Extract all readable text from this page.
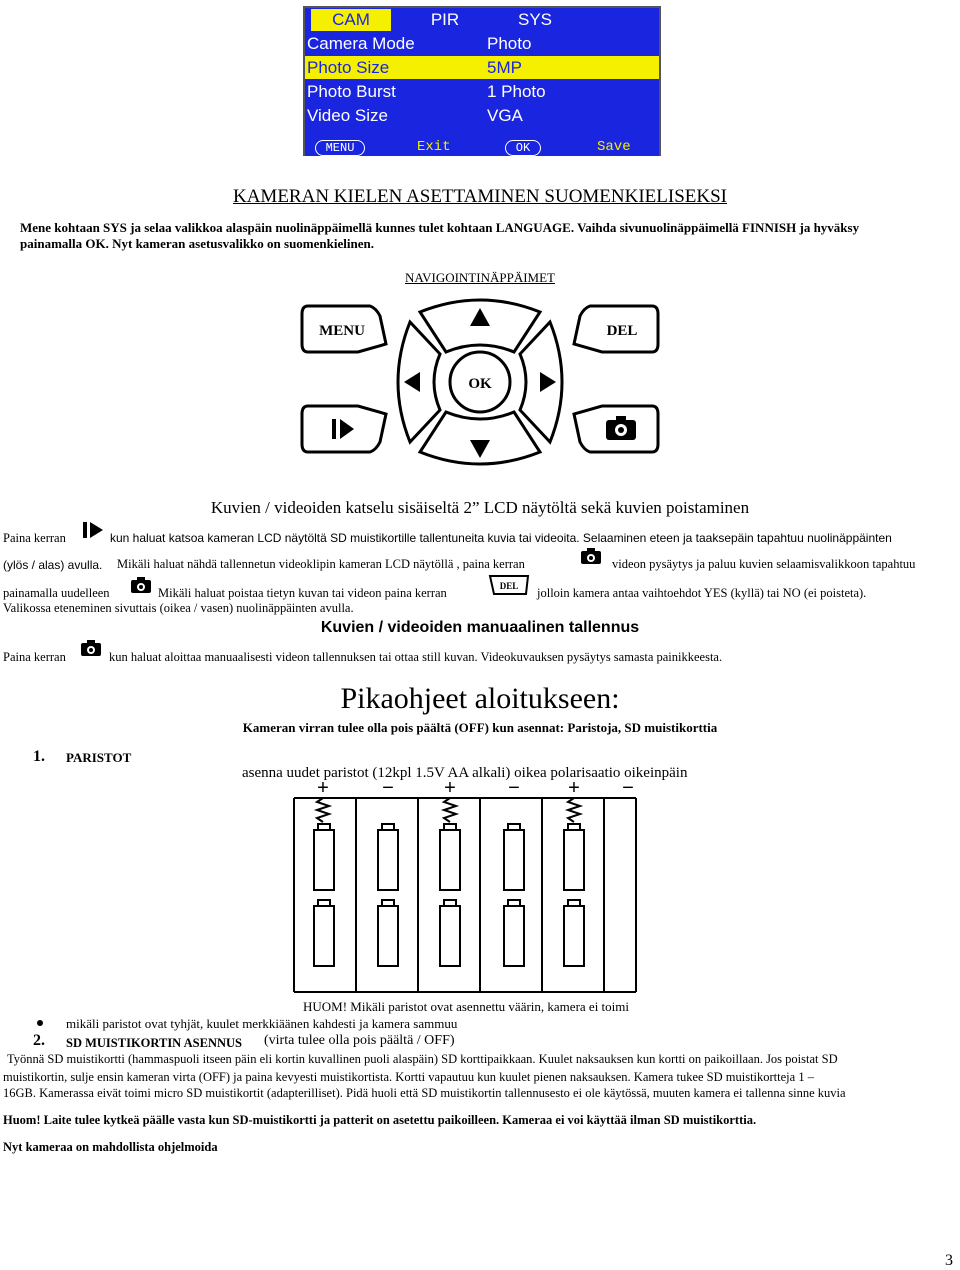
CAM	PIR	SYS
Camera Mode	Photo
Photo Size	5MP
Photo Burst	1 Photo
Video Size	VGA
MENU	Exit	OK	Save
KAMERAN KIELEN ASETTAMINEN SUOMENKIELISEKSI
Mene kohtaan SYS ja selaa valikkoa alaspäin nuolinäppäimellä kunnes tulet kohtaan LANGUAGE. Vaihda sivunuolinäppäimellä FINNISH ja hyväksy
painamalla OK. Nyt kameran asetusvalikko on suomenkielinen.
NAVIGOINTINÄPPÄIMET
MENU	DEL
OK
Kuvien / videoiden katselu sisäiseltä 2” LCD näytöltä sekä kuvien poistaminen
Paina kerran	kun haluat katsoa kameran LCD näytöltä SD muistikortille tallentuneita kuvia tai videoita. Selaaminen eteen ja taaksepäin tapahtuu nuolinäppäinten
(ylös / alas) avulla. Mikäli haluat nähdä tallennetun videoklipin kameran LCD näytöllä , paina kerran	videon pysäytys ja paluu kuvien selaamisvalikkoon tapahtuu
painamalla uudelleen	Mikäli haluat poistaa tietyn kuvan tai videon paina kerran	DEL jolloin kamera antaa vaihtoehdot YES (kyllä) tai NO (ei poisteta).
Valikossa eteneminen sivuttais (oikea / vasen) nuolinäppäinten avulla.
Kuvien / videoiden manuaalinen tallennus
Paina kerran	kun haluat aloittaa manuaalisesti videon tallennuksen tai ottaa still kuvan. Videokuvauksen pysäytys samasta painikkeesta.
Pikaohjeet aloitukseen:
Kameran virran tulee olla pois päältä (OFF) kun asennat: Paristoja, SD muistikorttia
1. PARISTOT
asenna uudet paristot (12kpl 1.5V AA alkali) oikea polarisaatio oikeinpäin
+	−	+	− + −
HUOM! Mikäli paristot ovat asennettu väärin, kamera ei toimi
mikäli paristot ovat tyhjät, kuulet merkkiäänen kahdesti ja kamera sammuu
2. SD MUISTIKORTIN ASENNUS (virta tulee olla pois päältä / OFF)
Työnnä SD muistikortti (hammaspuoli itseen päin eli kortin kuvallinen puoli alaspäin) SD korttipaikkaan. Kuulet naksauksen kun kortti on paikoillaan. Jos poistat SD
muistikortin, sulje ensin kameran virta (OFF) ja paina kevyesti muistikortista. Kortti vapautuu kun kuulet pienen naksauksen. Kamera tukee SD muistikortteja 1 –
16GB. Kamerassa eivät toimi micro SD muistikortit (adapterilliset). Pidä huoli että SD muistikortin tallennusesto ei ole käytössä, muuten kamera ei tallenna sinne kuvia
Huom! Laite tulee kytkeä päälle vasta kun SD-muistikortti ja patterit on asetettu paikoilleen. Kameraa ei voi käyttää ilman SD muistikorttia.
Nyt kameraa on mahdollista ohjelmoida
3
